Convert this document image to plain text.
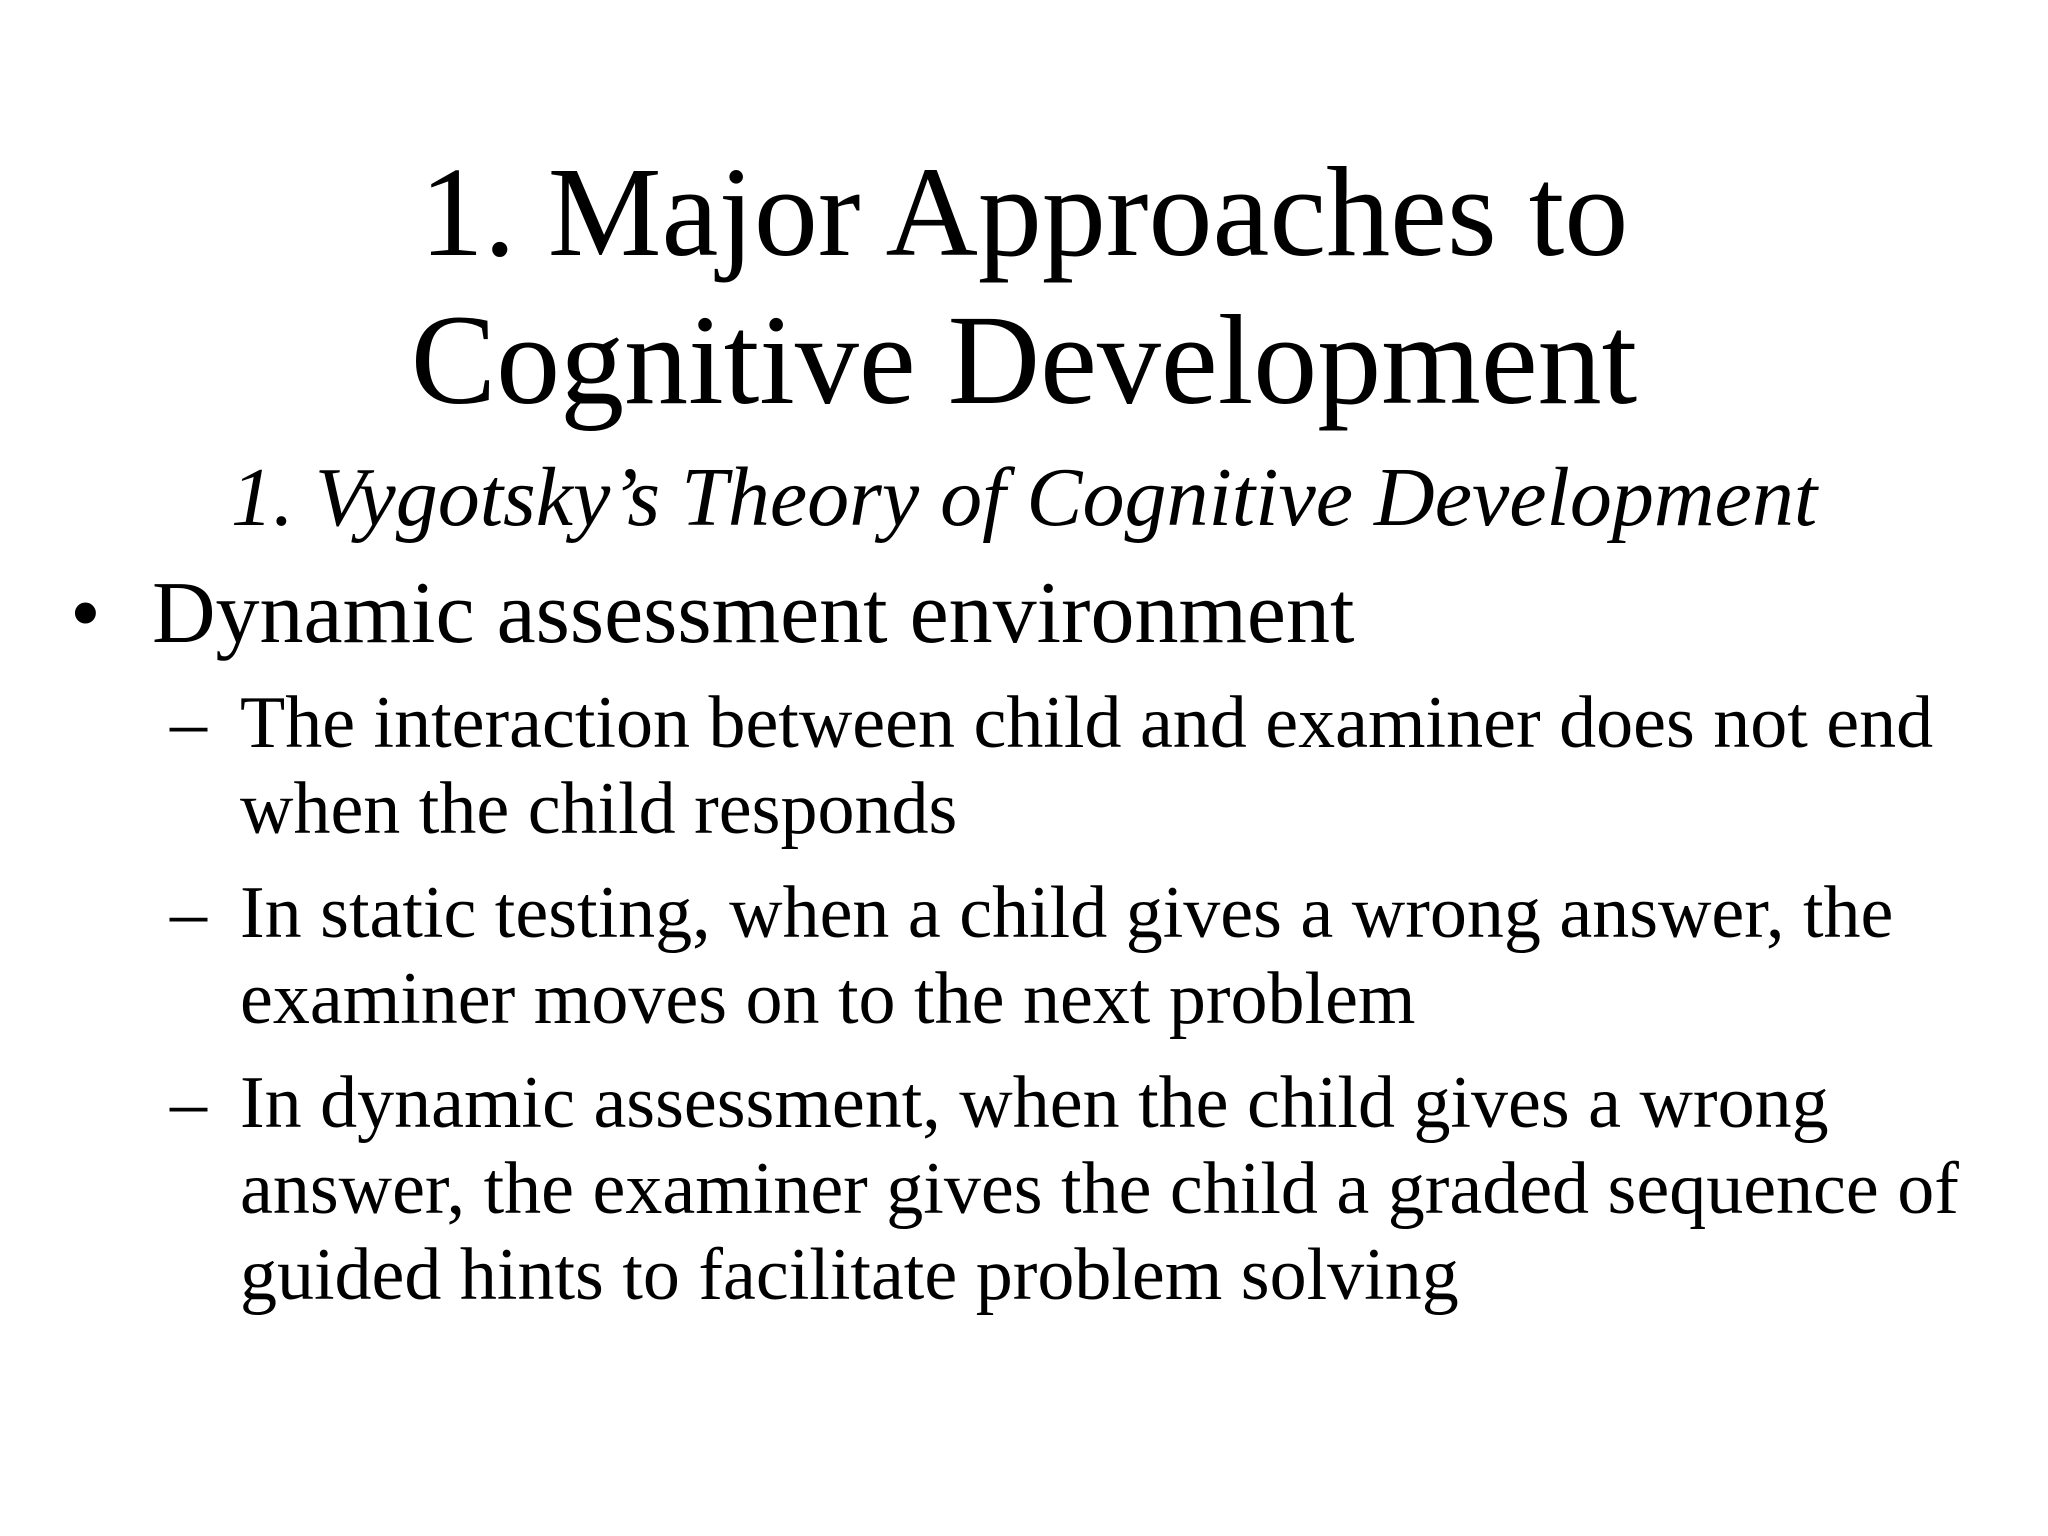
1. Major Approaches to
Cognitive Development

1. Vygotsky’s Theory of Cognitive Development

• Dynamic assessment environment
– The interaction between child and examiner does not end when the child responds
– In static testing, when a child gives a wrong answer, the examiner moves on to the next problem
– In dynamic assessment, when the child gives a wrong answer, the examiner gives the child a graded sequence of guided hints to facilitate problem solving
